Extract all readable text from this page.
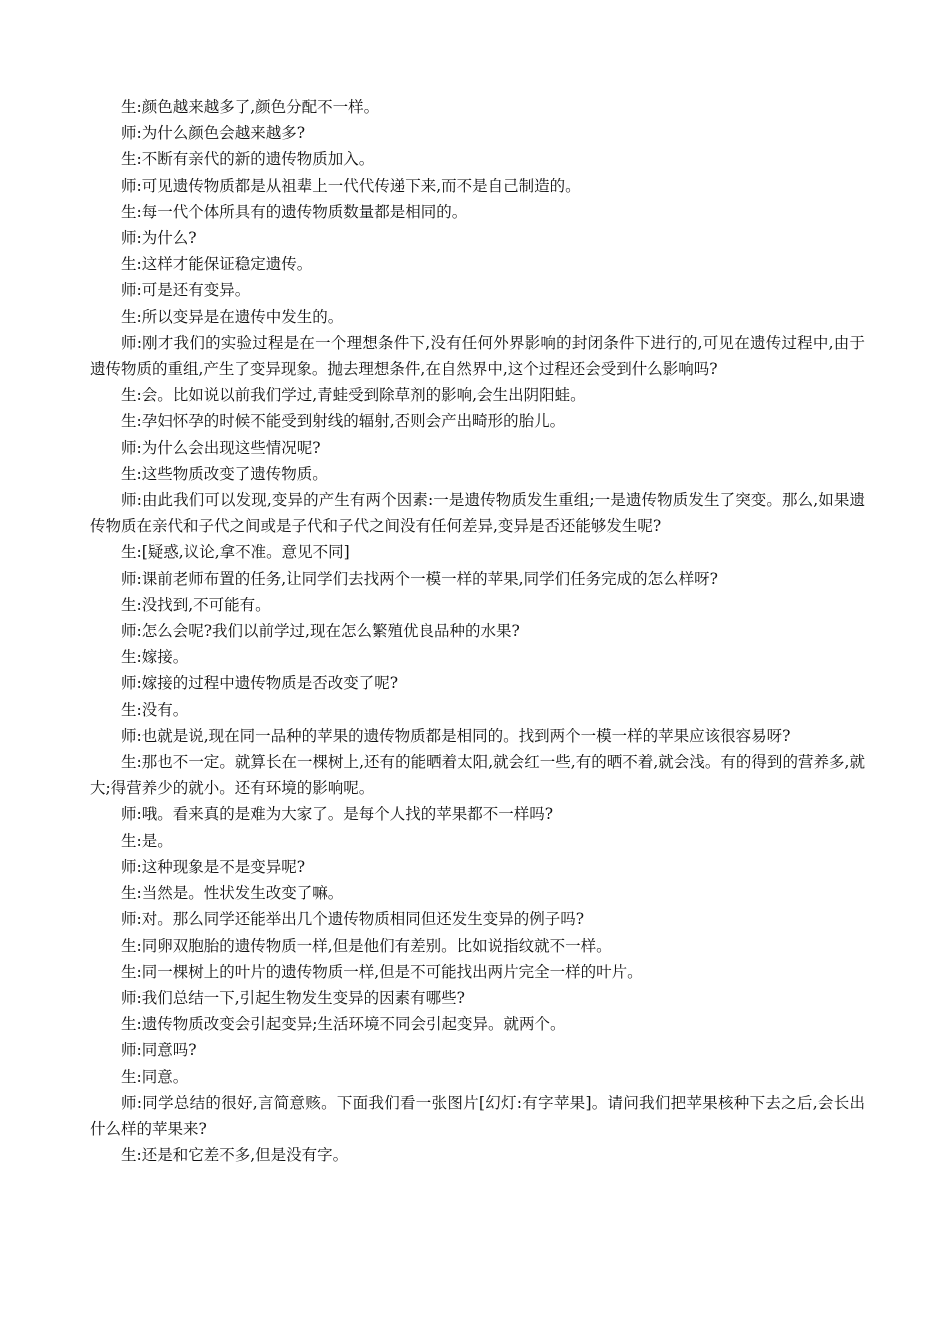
生:颜色越来越多了,颜色分配不一样。

师:为什么颜色会越来越多?

生:不断有亲代的新的遗传物质加入。

师:可见遗传物质都是从祖辈上一代代传递下来,而不是自己制造的。

生:每一代个体所具有的遗传物质数量都是相同的。

师:为什么?

生:这样才能保证稳定遗传。

师:可是还有变异。

生:所以变异是在遗传中发生的。

师:刚才我们的实验过程是在一个理想条件下,没有任何外界影响的封闭条件下进行的,可见在遗传过程中,由于遗传物质的重组,产生了变异现象。抛去理想条件,在自然界中,这个过程还会受到什么影响吗?

生:会。比如说以前我们学过,青蛙受到除草剂的影响,会生出阴阳蛙。

生:孕妇怀孕的时候不能受到射线的辐射,否则会产出畸形的胎儿。

师:为什么会出现这些情况呢?

生:这些物质改变了遗传物质。

师:由此我们可以发现,变异的产生有两个因素:一是遗传物质发生重组;一是遗传物质发生了突变。那么,如果遗传物质在亲代和子代之间或是子代和子代之间没有任何差异,变异是否还能够发生呢?

生:[疑惑,议论,拿不准。意见不同]

师:课前老师布置的任务,让同学们去找两个一模一样的苹果,同学们任务完成的怎么样呀?

生:没找到,不可能有。

师:怎么会呢?我们以前学过,现在怎么繁殖优良品种的水果?

生:嫁接。

师:嫁接的过程中遗传物质是否改变了呢?

生:没有。

师:也就是说,现在同一品种的苹果的遗传物质都是相同的。找到两个一模一样的苹果应该很容易呀?

生:那也不一定。就算长在一棵树上,还有的能晒着太阳,就会红一些,有的晒不着,就会浅。有的得到的营养多,就大;得营养少的就小。还有环境的影响呢。

师:哦。看来真的是难为大家了。是每个人找的苹果都不一样吗?

生:是。

师:这种现象是不是变异呢?

生:当然是。性状发生改变了嘛。

师:对。那么同学还能举出几个遗传物质相同但还发生变异的例子吗?

生:同卵双胞胎的遗传物质一样,但是他们有差别。比如说指纹就不一样。

生:同一棵树上的叶片的遗传物质一样,但是不可能找出两片完全一样的叶片。

师:我们总结一下,引起生物发生变异的因素有哪些?

生:遗传物质改变会引起变异;生活环境不同会引起变异。就两个。

师:同意吗?

生:同意。

师:同学总结的很好,言简意赅。下面我们看一张图片[幻灯:有字苹果]。请问我们把苹果核种下去之后,会长出什么样的苹果来?

生:还是和它差不多,但是没有字。
